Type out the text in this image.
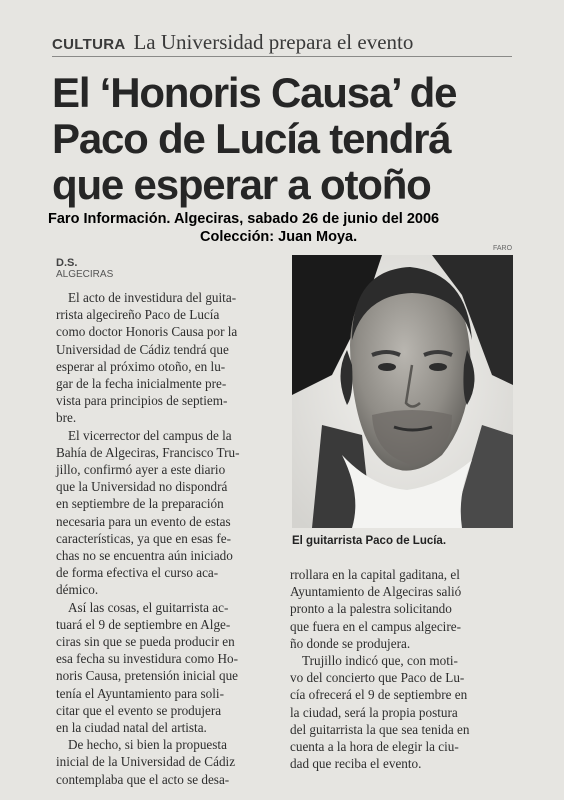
CULTURA La Universidad prepara el evento
El ‘Honoris Causa’ de
Paco de Lucía tendrá
que esperar a otoño
Faro Información. Algeciras, sabado 26 de junio del 2006
Colección: Juan Moya.
FARO
D.S.
ALGECIRAS

El acto de investidura del guita-
rrista algecireño Paco de Lucía
como doctor Honoris Causa por la
Universidad de Cádiz tendrá que
esperar al próximo otoño, en lu-
gar de la fecha inicialmente pre-
vista para principios de septiem-
bre.

El vicerrector del campus de la
Bahía de Algeciras, Francisco Tru-
jillo, confirmó ayer a este diario
que la Universidad no dispondrá
en septiembre de la preparación
necesaria para un evento de estas
características, ya que en esas fe-
chas no se encuentra aún iniciado
de forma efectiva el curso aca-
démico.

Así las cosas, el guitarrista ac-
tuará el 9 de septiembre en Alge-
ciras sin que se pueda producir en
esa fecha su investidura como Ho-
noris Causa, pretensión inicial que
tenía el Ayuntamiento para soli-
citar que el evento se produjera
en la ciudad natal del artista.

De hecho, si bien la propuesta
inicial de la Universidad de Cádiz
contemplaba que el acto se desa-

El guitarrista Paco de Lucía.

rrollara en la capital gaditana, el
Ayuntamiento de Algeciras salió
pronto a la palestra solicitando
que fuera en el campus algecire-
ño donde se produjera.

Trujillo indicó que, con moti-
vo del concierto que Paco de Lu-
cía ofrecerá el 9 de septiembre en
la ciudad, será la propia postura
del guitarrista la que sea tenida en
cuenta a la hora de elegir la ciu-
dad que reciba el evento.
